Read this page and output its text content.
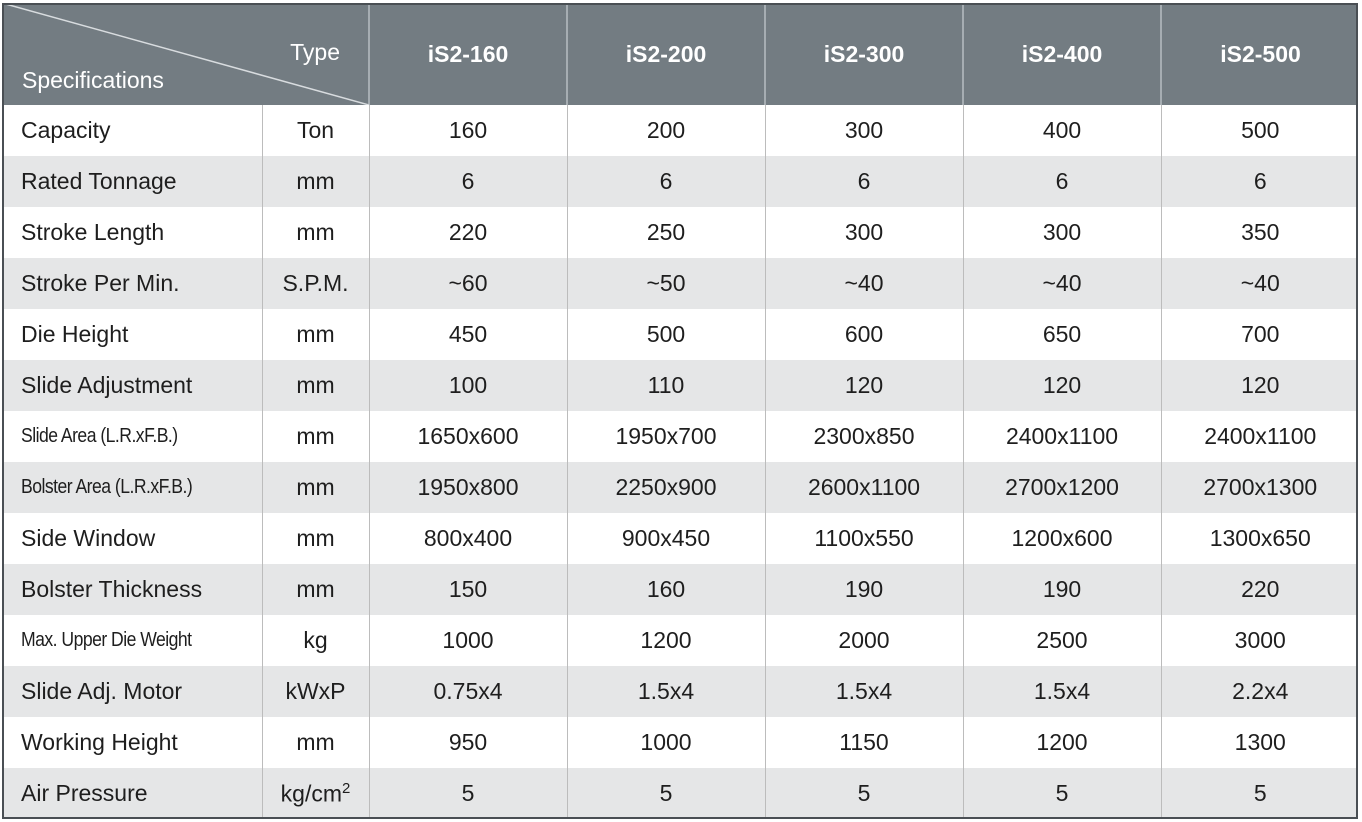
Type
Specifications		iS2-160	iS2-200	iS2-300	iS2-400	iS2-500
Capacity	Ton	160	200	300	400	500
Rated Tonnage	mm	6	6	6	6	6
Stroke Length	mm	220	250	300	300	350
Stroke Per Min.	S.P.M.	~60	~50	~40	~40	~40
Die Height	mm	450	500	600	650	700
Slide Adjustment	mm	100	110	120	120	120
Slide Area (L.R.xF.B.)	mm	1650x600	1950x700	2300x850	2400x1100	2400x1100
Bolster Area (L.R.xF.B.)	mm	1950x800	2250x900	2600x1100	2700x1200	2700x1300
Side Window	mm	800x400	900x450	1100x550	1200x600	1300x650
Bolster Thickness	mm	150	160	190	190	220
Max. Upper Die Weight	kg	1000	1200	2000	2500	3000
Slide Adj. Motor	kWxP	0.75x4	1.5x4	1.5x4	1.5x4	2.2x4
Working Height	mm	950	1000	1150	1200	1300
Air Pressure	$kg/cm^2$	5	5	5	5	5
